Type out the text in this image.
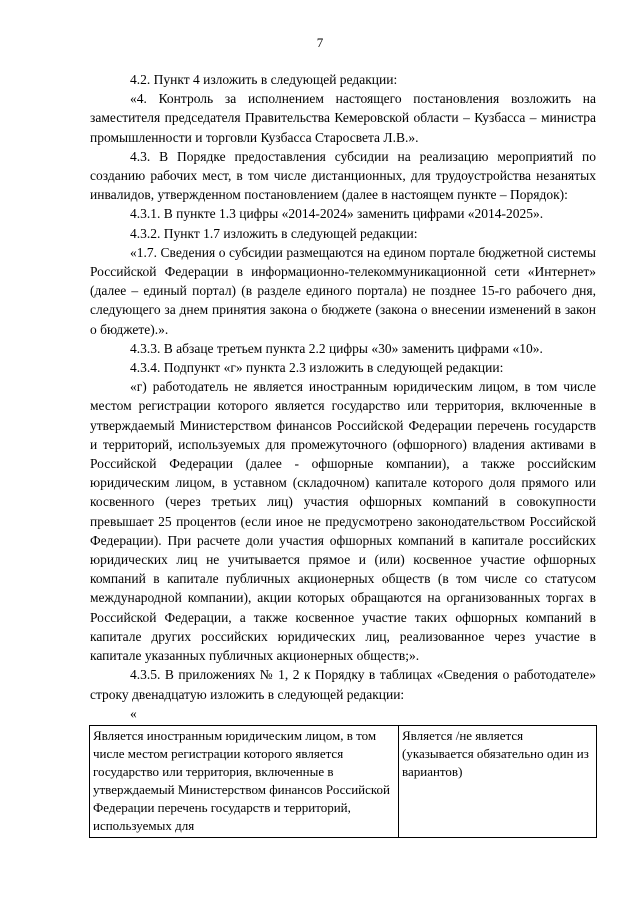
7

4.2. Пункт 4 изложить в следующей редакции:

«4. Контроль за исполнением настоящего постановления возложить на заместителя председателя Правительства Кемеровской области – Кузбасса – министра промышленности и торговли Кузбасса Старосвета Л.В.».

4.3. В Порядке предоставления субсидии на реализацию мероприятий по созданию рабочих мест, в том числе дистанционных, для трудоустройства незанятых инвалидов, утвержденном постановлением (далее в настоящем пункте – Порядок):

4.3.1. В пункте 1.3 цифры «2014-2024» заменить цифрами «2014-2025».

4.3.2. Пункт 1.7 изложить в следующей редакции:

«1.7. Сведения о субсидии размещаются на едином портале бюджетной системы Российской Федерации в информационно-телекоммуникационной сети «Интернет» (далее – единый портал) (в разделе единого портала) не позднее 15-го рабочего дня, следующего за днем принятия закона о бюджете (закона о внесении изменений в закон о бюджете).».

4.3.3. В абзаце третьем пункта 2.2 цифры «30» заменить цифрами «10».

4.3.4. Подпункт «г» пункта 2.3 изложить в следующей редакции:

«г) работодатель не является иностранным юридическим лицом, в том числе местом регистрации которого является государство или территория, включенные в утверждаемый Министерством финансов Российской Федерации перечень государств и территорий, используемых для промежуточного (офшорного) владения активами в Российской Федерации (далее - офшорные компании), а также российским юридическим лицом, в уставном (складочном) капитале которого доля прямого или косвенного (через третьих лиц) участия офшорных компаний в совокупности превышает 25 процентов (если иное не предусмотрено законодательством Российской Федерации). При расчете доли участия офшорных компаний в капитале российских юридических лиц не учитывается прямое и (или) косвенное участие офшорных компаний в капитале публичных акционерных обществ (в том числе со статусом международной компании), акции которых обращаются на организованных торгах в Российской Федерации, а также косвенное участие таких офшорных компаний в капитале других российских юридических лиц, реализованное через участие в капитале указанных публичных акционерных обществ;».

4.3.5. В приложениях № 1, 2 к Порядку в таблицах «Сведения о работодателе» строку двенадцатую изложить в следующей редакции:

«
Является иностранным юридическим лицом, в том числе местом регистрации которого является государство или территория, включенные в утверждаемый Министерством финансов Российской Федерации перечень государств и территорий, используемых для	Является /не является (указывается обязательно один из вариантов)
